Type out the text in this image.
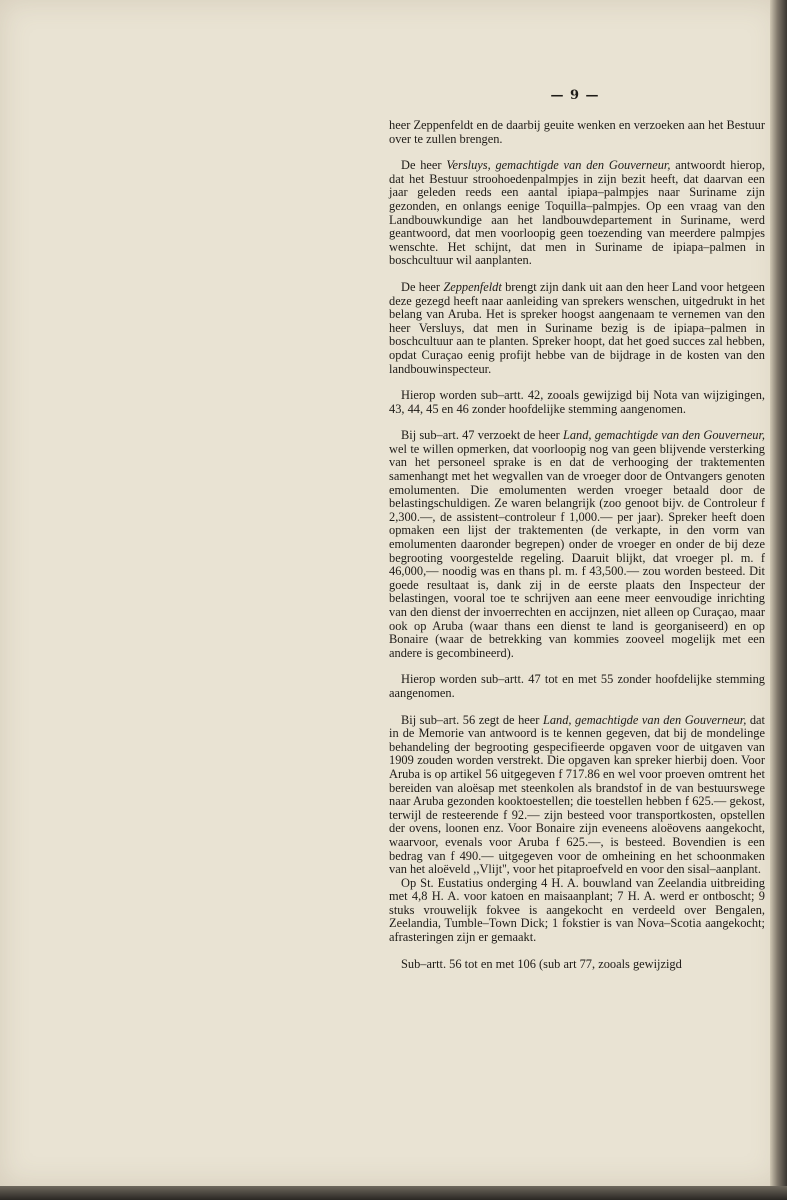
— 9 —

heer Zeppenfeldt en de daarbij geuite wenken en verzoeken aan het Bestuur over te zullen brengen.

De heer Versluys, gemachtigde van den Gouverneur, antwoordt hierop, dat het Bestuur stroohoedenpalmpjes in zijn bezit heeft, dat daarvan een jaar geleden reeds een aantal ipiapa–palmpjes naar Suriname zijn gezonden, en onlangs eenige Toquilla–palmpjes. Op een vraag van den Landbouwkundige aan het landbouwdepartement in Suriname, werd geantwoord, dat men voorloopig geen toezending van meerdere palmpjes wenschte. Het schijnt, dat men in Suriname de ipiapa–palmen in boschcultuur wil aanplanten.

De heer Zeppenfeldt brengt zijn dank uit aan den heer Land voor hetgeen deze gezegd heeft naar aanleiding van sprekers wenschen, uitgedrukt in het belang van Aruba. Het is spreker hoogst aangenaam te vernemen van den heer Versluys, dat men in Suriname bezig is de ipiapa–palmen in boschcultuur aan te planten. Spreker hoopt, dat het goed succes zal hebben, opdat Curaçao eenig profijt hebbe van de bijdrage in de kosten van den landbouwinspecteur.

Hierop worden sub–artt. 42, zooals gewijzigd bij Nota van wijzigingen, 43, 44, 45 en 46 zonder hoofdelijke stemming aangenomen.

Bij sub–art. 47 verzoekt de heer Land, gemachtigde van den Gouverneur, wel te willen opmerken, dat voorloopig nog van geen blijvende versterking van het personeel sprake is en dat de verhooging der traktementen samenhangt met het wegvallen van de vroeger door de Ontvangers genoten emolumenten. Die emolumenten werden vroeger betaald door de belastingschuldigen. Ze waren belangrijk (zoo genoot bijv. de Controleur f 2,300.—, de assistent–controleur f 1,000.— per jaar). Spreker heeft doen opmaken een lijst der traktementen (de verkapte, in den vorm van emolumenten daaronder begrepen) onder de vroeger en onder de bij deze begrooting voorgestelde regeling. Daaruit blijkt, dat vroeger pl. m. f 46,000,— noodig was en thans pl. m. f 43,500.— zou worden besteed. Dit goede resultaat is, dank zij in de eerste plaats den Inspecteur der belastingen, vooral toe te schrijven aan eene meer eenvoudige inrichting van den dienst der invoerrechten en accijnzen, niet alleen op Curaçao, maar ook op Aruba (waar thans een dienst te land is georganiseerd) en op Bonaire (waar de betrekking van kommies zooveel mogelijk met een andere is gecombineerd).

Hierop worden sub–artt. 47 tot en met 55 zonder hoofdelijke stemming aangenomen.

Bij sub–art. 56 zegt de heer Land, gemachtigde van den Gouverneur, dat in de Memorie van antwoord is te kennen gegeven, dat bij de mondelinge behandeling der begrooting gespecifieerde opgaven voor de uitgaven van 1909 zouden worden verstrekt. Die opgaven kan spreker hierbij doen. Voor Aruba is op artikel 56 uitgegeven f 717.86 en wel voor proeven omtrent het bereiden van aloësap met steenkolen als brandstof in de van bestuurswege naar Aruba gezonden kooktoestellen; die toestellen hebben f 625.— gekost, terwijl de resteerende f 92.— zijn besteed voor transportkosten, opstellen der ovens, loonen enz. Voor Bonaire zijn eveneens aloëovens aangekocht, waarvoor, evenals voor Aruba f 625.—, is besteed. Bovendien is een bedrag van f 490.— uitgegeven voor de omheining en het schoonmaken van het aloëveld ,,Vlijt'', voor het pitaproefveld en voor den sisal–aanplant.

Op St. Eustatius onderging 4 H. A. bouwland van Zeelandia uitbreiding met 4,8 H. A. voor katoen en maisaanplant; 7 H. A. werd er ontboscht; 9 stuks vrouwelijk fokvee is aangekocht en verdeeld over Bengalen, Zeelandia, Tumble–Town Dick; 1 fokstier is van Nova–Scotia aangekocht; afrasteringen zijn er gemaakt.

Sub–artt. 56 tot en met 106 (sub art 77, zooals gewijzigd
